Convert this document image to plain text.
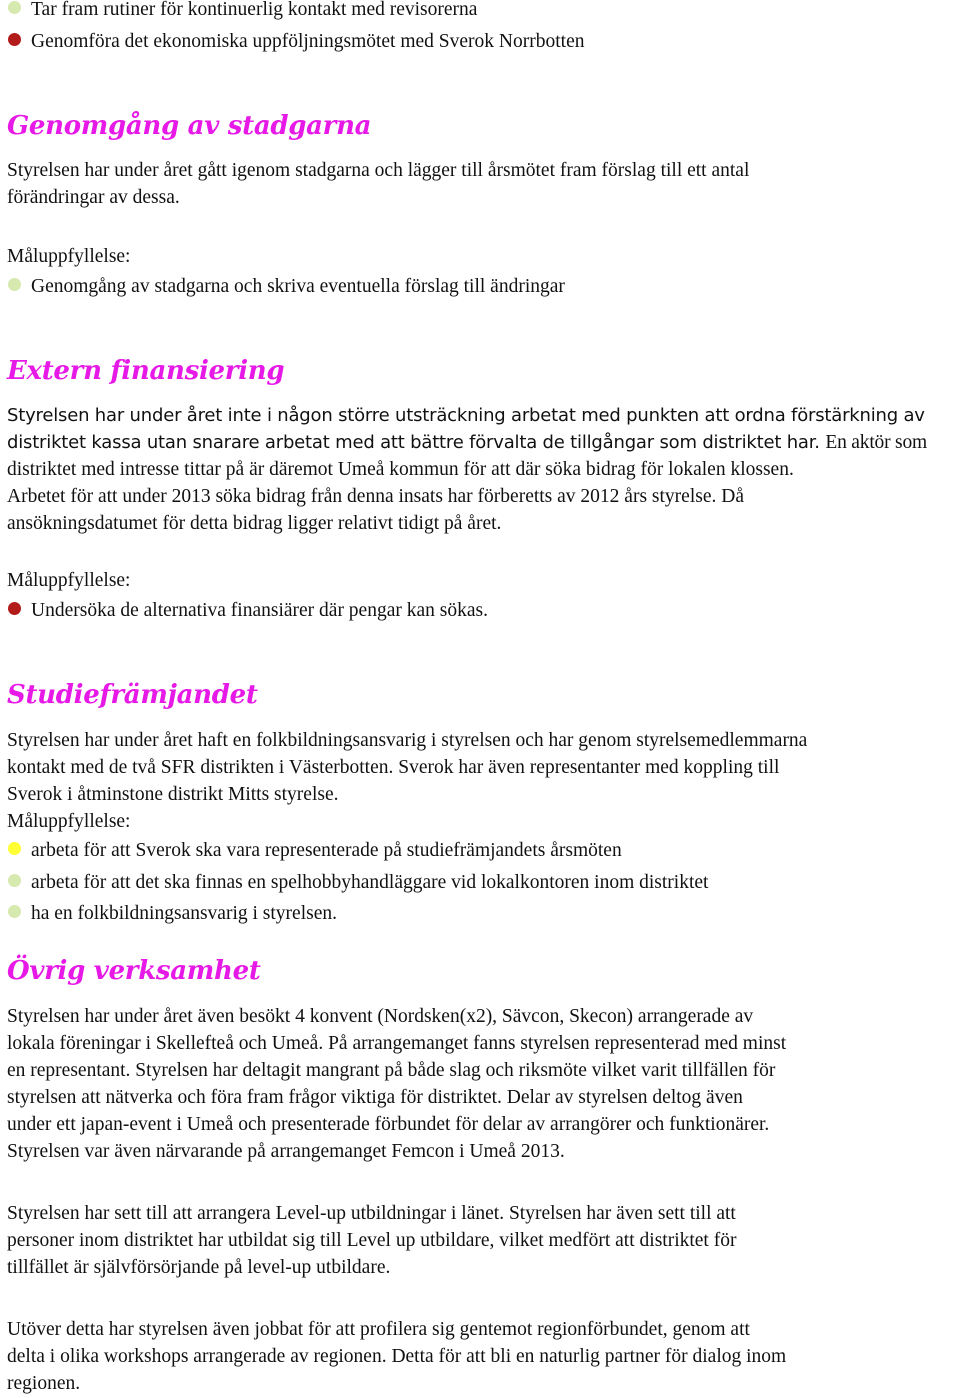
Tar fram rutiner för kontinuerlig kontakt med revisorerna
Genomföra det ekonomiska uppföljningsmötet med Sverok Norrbotten
Genomgång av stadgarna
Styrelsen har under året gått igenom stadgarna och lägger till årsmötet fram förslag till ett antal
förändringar av dessa.
Måluppfyllelse:
Genomgång av stadgarna och skriva eventuella förslag till ändringar
Extern finansiering
Styrelsen har under året inte i någon större utsträckning arbetat med punkten att ordna förstärkning av
distriktet kassa utan snarare arbetat med att bättre förvalta de tillgångar som distriktet har. En aktör som
distriktet med intresse tittar på är däremot Umeå kommun för att där söka bidrag för lokalen klossen.
Arbetet för att under 2013 söka bidrag från denna insats har förberetts av 2012 års styrelse. Då
ansökningsdatumet för detta bidrag ligger relativt tidigt på året.
Måluppfyllelse:
Undersöka de alternativa finansiärer där pengar kan sökas.
Studiefrämjandet
Styrelsen har under året haft en folkbildningsansvarig i styrelsen och har genom styrelsemedlemmarna
kontakt med de två SFR distrikten i Västerbotten. Sverok har även representanter med koppling till
Sverok i åtminstone distrikt Mitts styrelse.
Måluppfyllelse:
arbeta för att Sverok ska vara representerade på studiefrämjandets årsmöten
arbeta för att det ska finnas en spelhobbyhandläggare vid lokalkontoren inom distriktet
ha en folkbildningsansvarig i styrelsen.
Övrig verksamhet
Styrelsen har under året även besökt 4 konvent (Nordsken(x2), Sävcon, Skecon) arrangerade av
lokala föreningar i Skellefteå och Umeå. På arrangemanget fanns styrelsen representerad med minst
en representant. Styrelsen har deltagit mangrant på både slag och riksmöte vilket varit tillfällen för
styrelsen att nätverka och föra fram frågor viktiga för distriktet. Delar av styrelsen deltog även
under ett japan-event i Umeå och presenterade förbundet för delar av arrangörer och funktionärer.
Styrelsen var även närvarande på arrangemanget Femcon i Umeå 2013.
Styrelsen har sett till att arrangera Level-up utbildningar i länet. Styrelsen har även sett till att
personer inom distriktet har utbildat sig till Level up utbildare, vilket medfört att distriktet för
tillfället är självförsörjande på level-up utbildare.
Utöver detta har styrelsen även jobbat för att profilera sig gentemot regionförbundet, genom att
delta i olika workshops arrangerade av regionen. Detta för att bli en naturlig partner för dialog inom
regionen.
